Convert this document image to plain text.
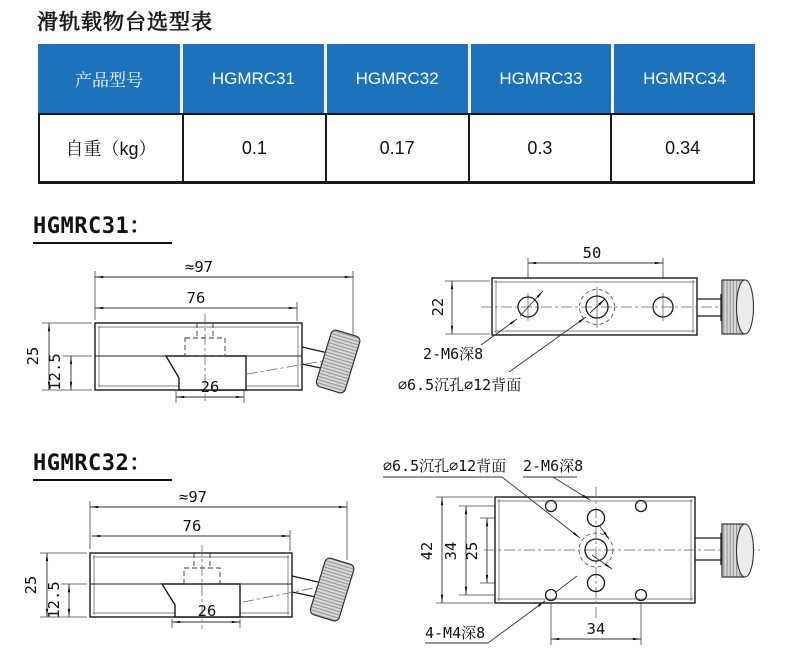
滑轨载物台选型表
产品型号	HGMRC31	HGMRC32	HGMRC33	HGMRC34
自重（kg）	0.1	0.17	0.3	0.34
HGMRC31：
HGMRC32：
≈97
76
25 12.5	26
50
22
2-M6深8
∅6.5沉孔∅12背面
≈97
76
25 12.5	26
42 34 25
34
∅6.5沉孔∅12背面 2-M6深8
4-M4深8
